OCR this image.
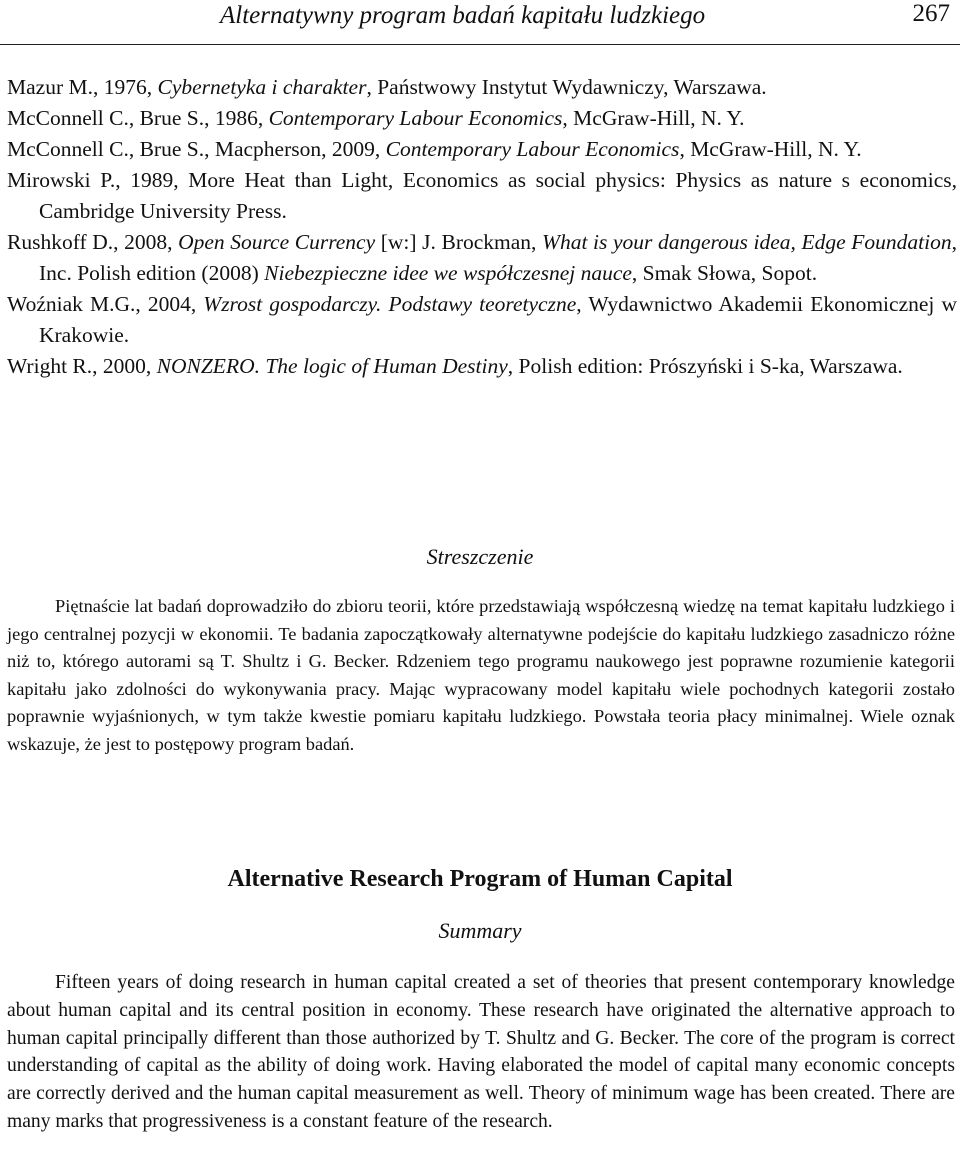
Alternatywny program badań kapitału ludzkiego	267

Mazur M., 1976, Cybernetyka i charakter, Państwowy Instytut Wydawniczy, Warszawa.

McConnell C., Brue S., 1986, Contemporary Labour Economics, McGraw-Hill, N. Y.

McConnell C., Brue S., Macpherson, 2009, Contemporary Labour Economics, McGraw-Hill, N. Y.

Mirowski P., 1989, More Heat than Light, Economics as social physics: Physics as nature s economics, Cambridge University Press.

Rushkoff D., 2008, Open Source Currency [w:] J. Brockman, What is your dangerous idea, Edge Foundation, Inc. Polish edition (2008) Niebezpieczne idee we współczesnej nauce, Smak Słowa, Sopot.

Woźniak M.G., 2004, Wzrost gospodarczy. Podstawy teoretyczne, Wydawnictwo Akademii Ekonomicznej w Krakowie.

Wright R., 2000, NONZERO. The logic of Human Destiny, Polish edition: Prószyński i S-ka, Warszawa.

Streszczenie

Piętnaście lat badań doprowadziło do zbioru teorii, które przedstawiają współczesną wiedzę na temat kapitału ludzkiego i jego centralnej pozycji w ekonomii. Te badania zapoczątkowały alternatywne podejście do kapitału ludzkiego zasadniczo różne niż to, którego autorami są T. Shultz i G. Becker. Rdzeniem tego programu naukowego jest poprawne rozumienie kategorii kapitału jako zdolności do wykonywania pracy. Mając wypracowany model kapitału wiele pochodnych kategorii zostało poprawnie wyjaśnionych, w tym także kwestie pomiaru kapitału ludzkiego. Powstała teoria płacy minimalnej. Wiele oznak wskazuje, że jest to postępowy program badań.

Alternative Research Program of Human Capital
Summary

Fifteen years of doing research in human capital created a set of theories that present contemporary knowledge about human capital and its central position in economy. These research have originated the alternative approach to human capital principally different than those authorized by T. Shultz and G. Becker. The core of the program is correct understanding of capital as the ability of doing work. Having elaborated the model of capital many economic concepts are correctly derived and the human capital measurement as well. Theory of minimum wage has been created. There are many marks that progressiveness is a constant feature of the research.
